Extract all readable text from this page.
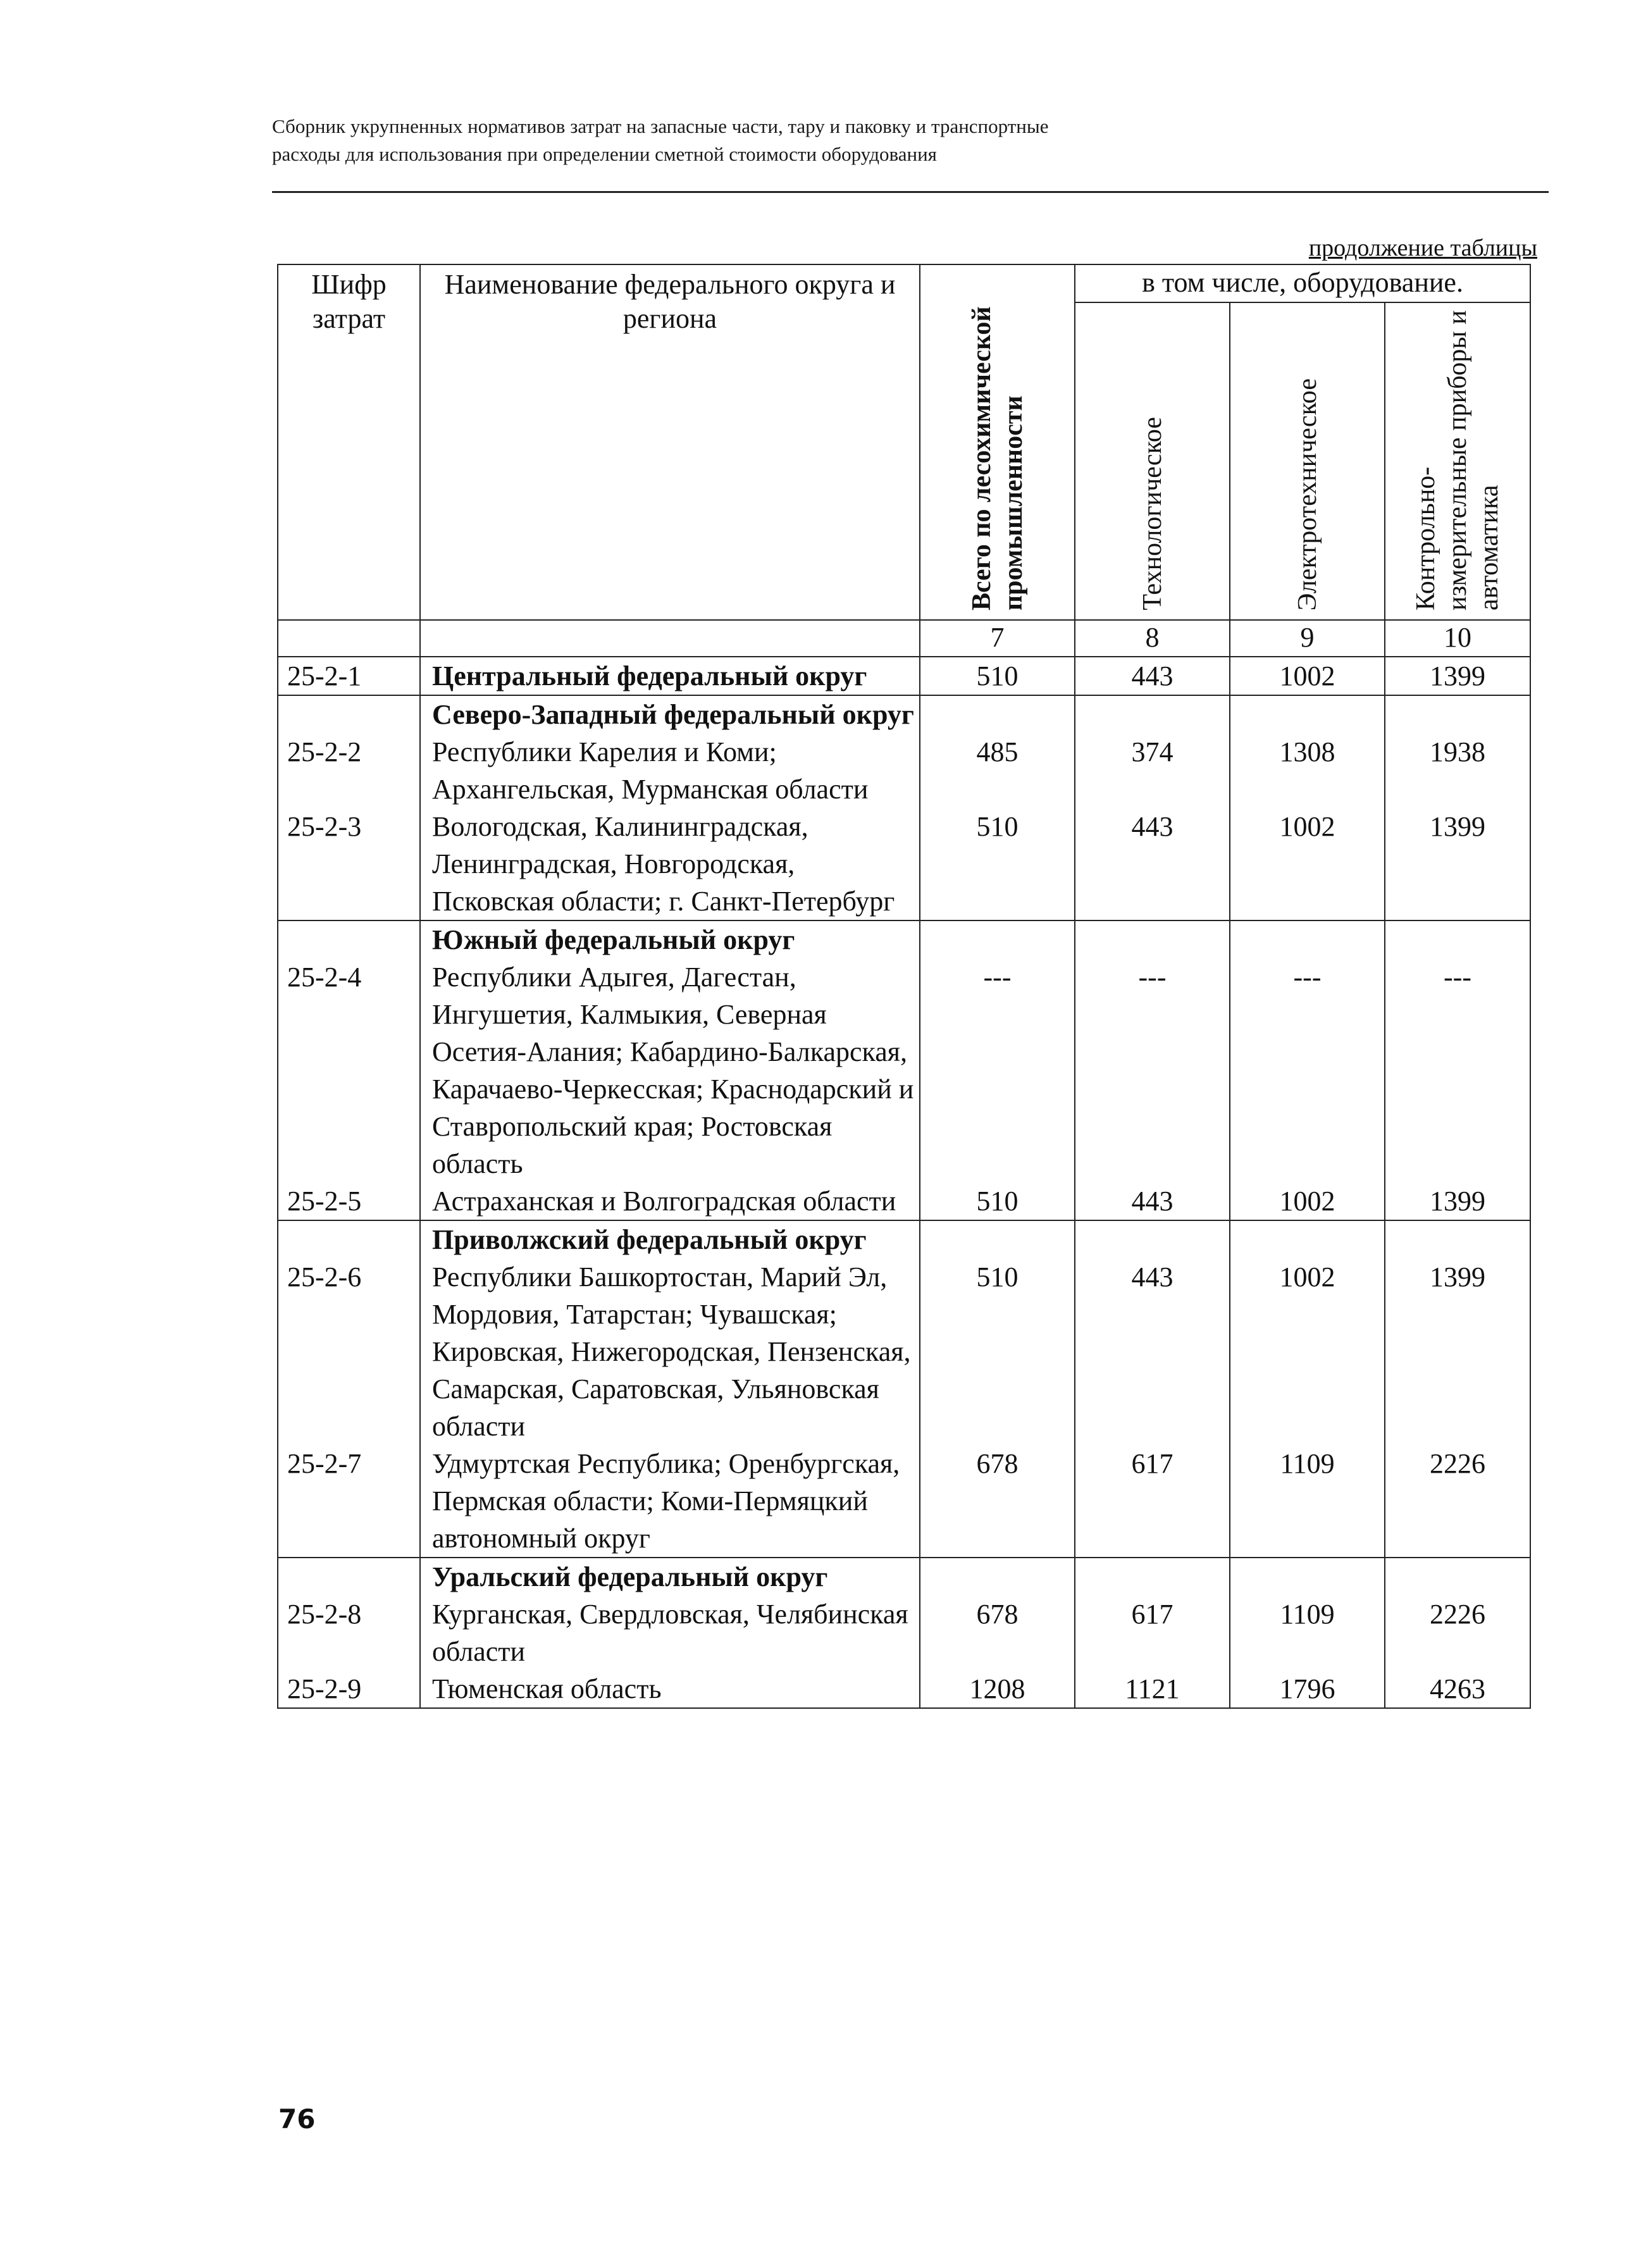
Сборник укрупненных нормативов затрат на запасные части, тару и паковку и транспортные
расходы для использования при определении сметной стоимости оборудования
продолжение таблицы
Шифр затрат	Наименование федерального округа и региона	Всего по лесохимической промышленности	в том числе, оборудование.		

			Технологическое	Электротехническое	Контрольно-измерительные приборы и автоматика

		7	8	9	10
25-2-1	Центральный федеральный округ	510	443	1002	1399
	Северо-Западный федеральный округ				
25-2-2	Республики Карелия и Коми; Архангельская, Мурманская области	485	374	1308	1938
25-2-3	Вологодская, Калининградская, Ленинградская, Новгородская, Псковская области; г. Санкт-Петербург	510	443	1002	1399
	Южный федеральный округ				
25-2-4	Республики Адыгея, Дагестан, Ингушетия, Калмыкия, Северная Осетия-Алания; Кабардино-Балкарская, Карачаево-Черкесская; Краснодарский и Ставропольский края; Ростовская область	---	---	---	---
25-2-5	Астраханская и Волгоградская области	510	443	1002	1399
	Приволжский федеральный округ				
25-2-6	Республики Башкортостан, Марий Эл, Мордовия, Татарстан; Чувашская; Кировская, Нижегородская, Пензенская, Самарская, Саратовская, Ульяновская области	510	443	1002	1399
25-2-7	Удмуртская Республика; Оренбургская, Пермская области; Коми-Пермяцкий автономный округ	678	617	1109	2226
	Уральский федеральный округ				
25-2-8	Курганская, Свердловская, Челябинская области	678	617	1109	2226
25-2-9	Тюменская область	1208	1121	1796	4263
76
